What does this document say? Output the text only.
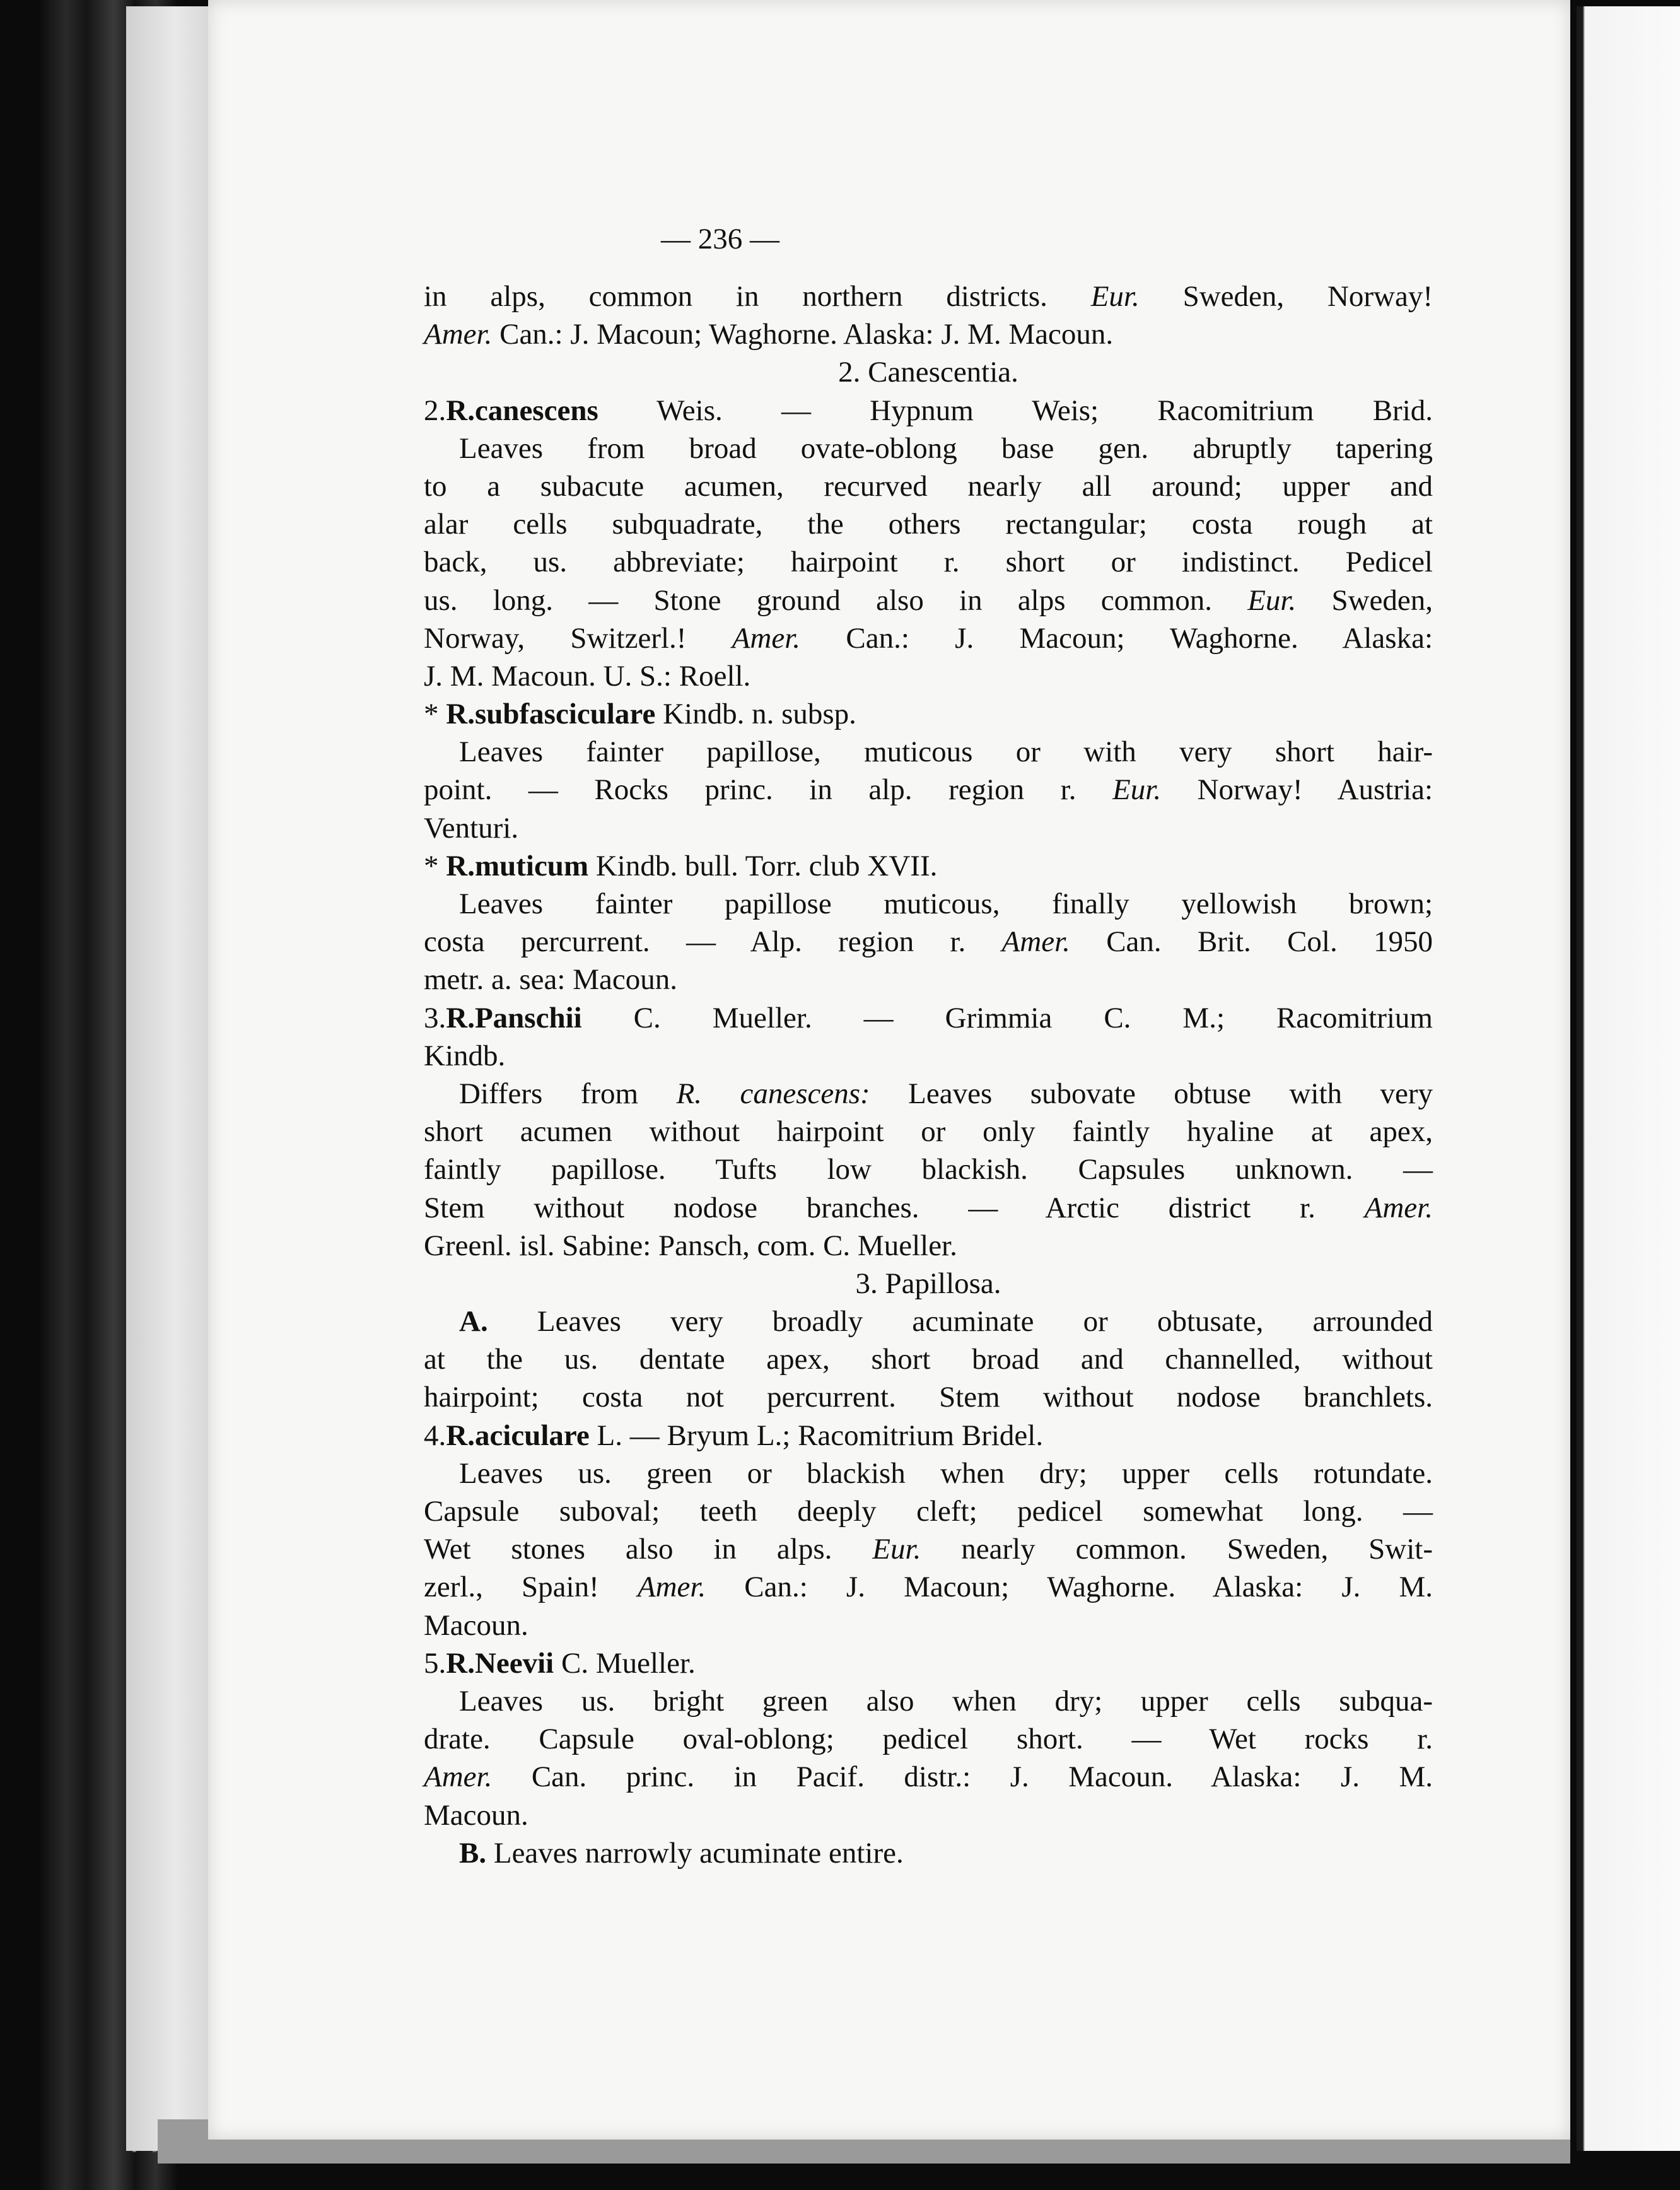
— 236 —
in alps, common in northern districts. Eur. Sweden, Norway!
Amer. Can.: J. Macoun; Waghorne. Alaska: J. M. Macoun.
2. Canescentia.
2.R.canescens Weis. — Hypnum Weis; Racomitrium Brid.
Leaves from broad ovate-oblong base gen. abruptly tapering
to a subacute acumen, recurved nearly all around; upper and
alar cells subquadrate, the others rectangular; costa rough at
back, us. abbreviate; hairpoint r. short or indistinct. Pedicel
us. long. — Stone ground also in alps common. Eur. Sweden,
Norway, Switzerl.! Amer. Can.: J. Macoun; Waghorne. Alaska:
J. M. Macoun. U. S.: Roell.
* R.subfasciculare Kindb. n. subsp.
Leaves fainter papillose, muticous or with very short hair-
point. — Rocks princ. in alp. region r. Eur. Norway! Austria:
Venturi.
* R.muticum Kindb. bull. Torr. club XVII.
Leaves fainter papillose muticous, finally yellowish brown;
costa percurrent. — Alp. region r. Amer. Can. Brit. Col. 1950
metr. a. sea: Macoun.
3.R.Panschii C. Mueller. — Grimmia C. M.; Racomitrium
Kindb.
Differs from R. canescens: Leaves subovate obtuse with very
short acumen without hairpoint or only faintly hyaline at apex,
faintly papillose. Tufts low blackish. Capsules unknown. —
Stem without nodose branches. — Arctic district r. Amer.
Greenl. isl. Sabine: Pansch, com. C. Mueller.
3. Papillosa.
A. Leaves very broadly acuminate or obtusate, arrounded
at the us. dentate apex, short broad and channelled, without
hairpoint; costa not percurrent. Stem without nodose branchlets.
4.R.aciculare L. — Bryum L.; Racomitrium Bridel.
Leaves us. green or blackish when dry; upper cells rotundate.
Capsule suboval; teeth deeply cleft; pedicel somewhat long. —
Wet stones also in alps. Eur. nearly common. Sweden, Swit-
zerl., Spain! Amer. Can.: J. Macoun; Waghorne. Alaska: J. M.
Macoun.
5.R.Neevii C. Mueller.
Leaves us. bright green also when dry; upper cells subqua-
drate. Capsule oval-oblong; pedicel short. — Wet rocks r.
Amer. Can. princ. in Pacif. distr.: J. Macoun. Alaska: J. M.
Macoun.
B. Leaves narrowly acuminate entire.
